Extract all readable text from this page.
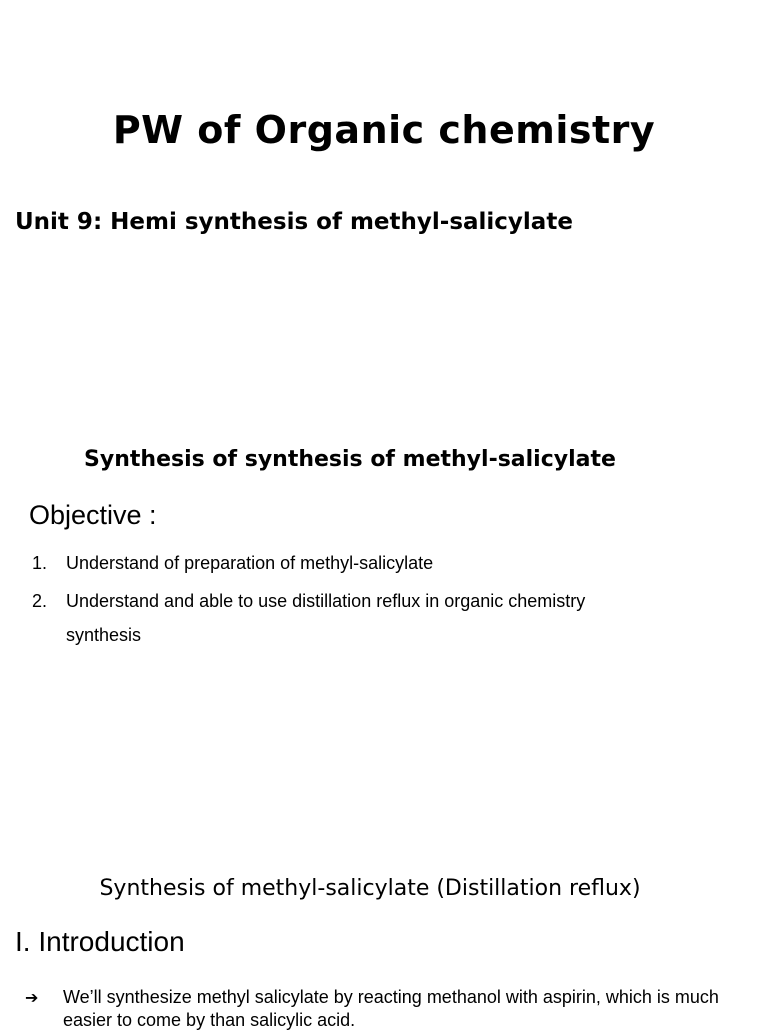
PW of Organic chemistry
Unit 9: Hemi synthesis of methyl-salicylate
Synthesis of synthesis of methyl-salicylate
Objective :
1. Understand of preparation of methyl-salicylate
2. Understand and able to use distillation reflux in organic chemistry
synthesis
Synthesis of methyl-salicylate (Distillation reflux)
I. Introduction
➔ We’ll synthesize methyl salicylate by reacting methanol with aspirin, which is much easier to come by than salicylic acid.
